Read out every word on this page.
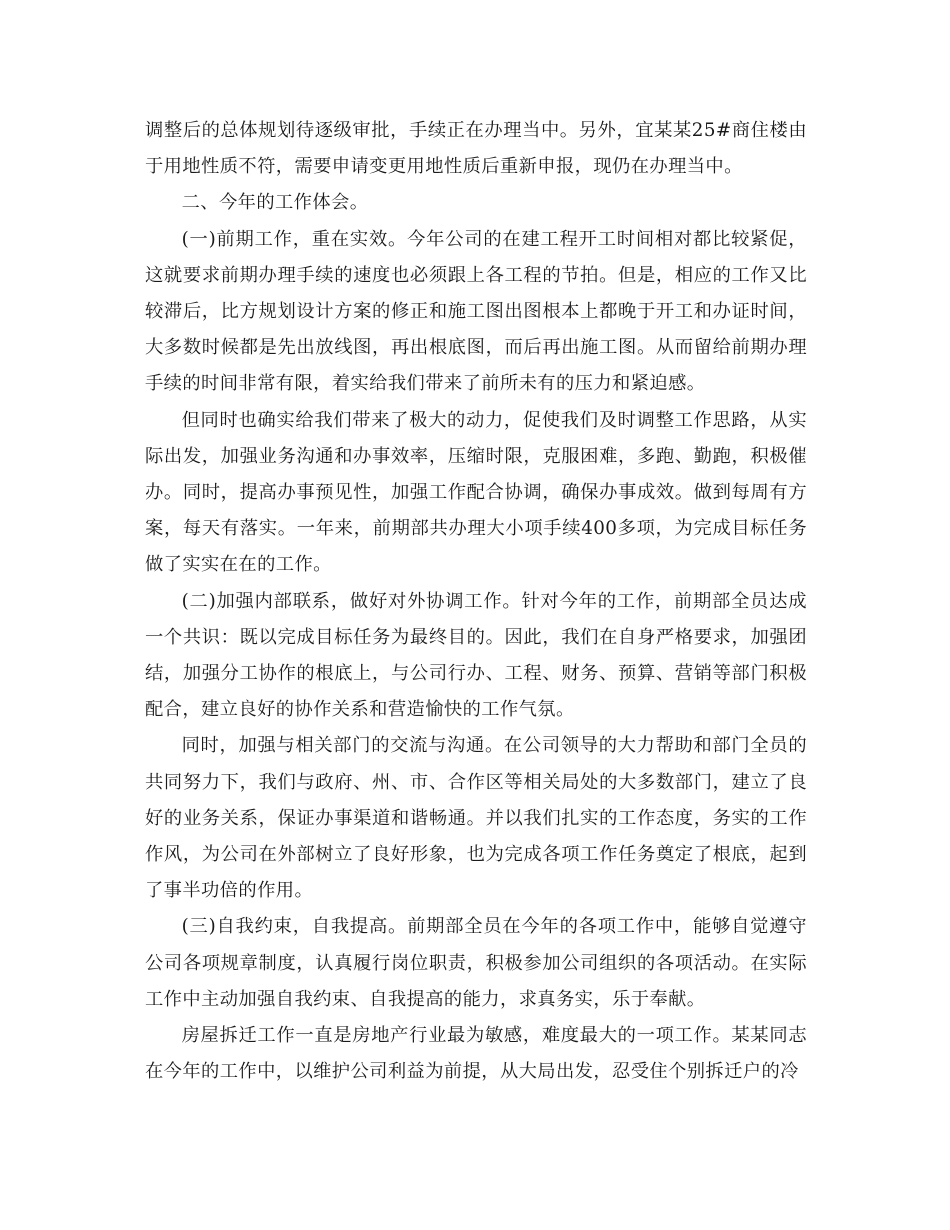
调整后的总体规划待逐级审批，手续正在办理当中。另外，宜某某25#商住楼由于用地性质不符，需要申请变更用地性质后重新申报，现仍在办理当中。

二、今年的工作体会。

(一)前期工作，重在实效。今年公司的在建工程开工时间相对都比较紧促，这就要求前期办理手续的速度也必须跟上各工程的节拍。但是，相应的工作又比较滞后，比方规划设计方案的修正和施工图出图根本上都晚于开工和办证时间，大多数时候都是先出放线图，再出根底图，而后再出施工图。从而留给前期办理手续的时间非常有限，着实给我们带来了前所未有的压力和紧迫感。

但同时也确实给我们带来了极大的动力，促使我们及时调整工作思路，从实际出发，加强业务沟通和办事效率，压缩时限，克服困难，多跑、勤跑，积极催办。同时，提高办事预见性，加强工作配合协调，确保办事成效。做到每周有方案，每天有落实。一年来，前期部共办理大小项手续400多项，为完成目标任务做了实实在在的工作。

(二)加强内部联系，做好对外协调工作。针对今年的工作，前期部全员达成一个共识：既以完成目标任务为最终目的。因此，我们在自身严格要求，加强团结，加强分工协作的根底上，与公司行办、工程、财务、预算、营销等部门积极配合，建立良好的协作关系和营造愉快的工作气氛。

同时，加强与相关部门的交流与沟通。在公司领导的大力帮助和部门全员的共同努力下，我们与政府、州、市、合作区等相关局处的大多数部门，建立了良好的业务关系，保证办事渠道和谐畅通。并以我们扎实的工作态度，务实的工作作风，为公司在外部树立了良好形象，也为完成各项工作任务奠定了根底，起到了事半功倍的作用。

(三)自我约束，自我提高。前期部全员在今年的各项工作中，能够自觉遵守公司各项规章制度，认真履行岗位职责，积极参加公司组织的各项活动。在实际工作中主动加强自我约束、自我提高的能力，求真务实，乐于奉献。

房屋拆迁工作一直是房地产行业最为敏感，难度最大的一项工作。某某同志在今年的工作中，以维护公司利益为前提，从大局出发，忍受住个别拆迁户的冷
